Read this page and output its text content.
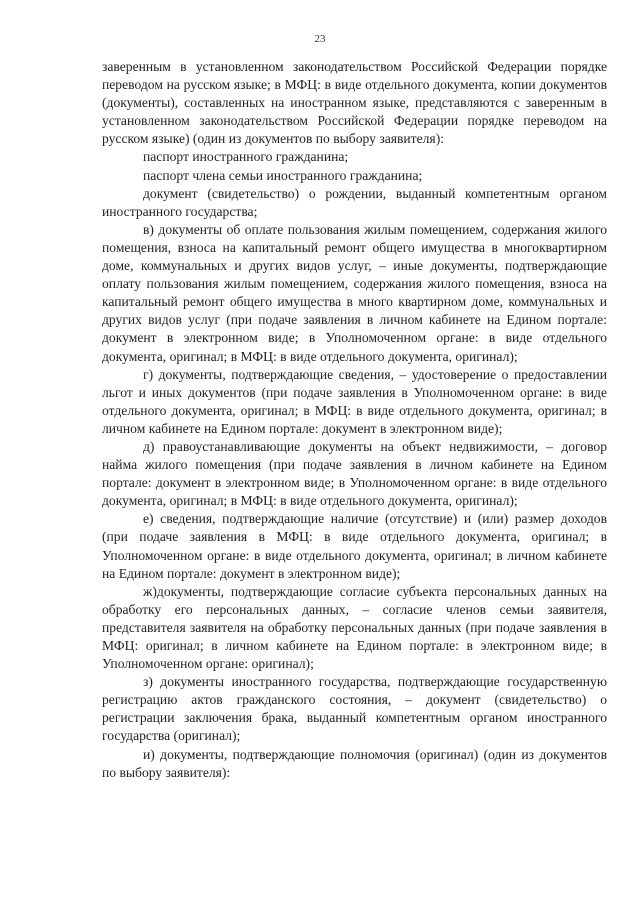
23

заверенным в установленном законодательством Российской Федерации порядке переводом на русском языке; в МФЦ: в виде отдельного документа, копии документов (документы), составленных на иностранном языке, представляются с заверенным в установленном законодательством Российской Федерации порядке переводом на русском языке) (один из документов по выбору заявителя):

паспорт иностранного гражданина;

паспорт члена семьи иностранного гражданина;

документ (свидетельство) о рождении, выданный компетентным органом иностранного государства;

в) документы об оплате пользования жилым помещением, содержания жилого помещения, взноса на капитальный ремонт общего имущества в многоквартирном доме, коммунальных и других видов услуг, – иные документы, подтверждающие оплату пользования жилым помещением, содержания жилого помещения, взноса на капитальный ремонт общего имущества в много квартирном доме, коммунальных и других видов услуг (при подаче заявления в личном кабинете на Едином портале: документ в электронном виде; в Уполномоченном органе: в виде отдельного документа, оригинал; в МФЦ: в виде отдельного документа, оригинал);

г) документы, подтверждающие сведения, – удостоверение о предоставлении льгот и иных документов (при подаче заявления в Уполномоченном органе: в виде отдельного документа, оригинал; в МФЦ: в виде отдельного документа, оригинал; в личном кабинете на Едином портале: документ в электронном виде);

д) правоустанавливающие документы на объект недвижимости, – договор найма жилого помещения (при подаче заявления в личном кабинете на Едином портале: документ в электронном виде; в Уполномоченном органе: в виде отдельного документа, оригинал; в МФЦ: в виде отдельного документа, оригинал);

е) сведения, подтверждающие наличие (отсутствие) и (или) размер доходов (при подаче заявления в МФЦ: в виде отдельного документа, оригинал; в Уполномоченном органе: в виде отдельного документа, оригинал; в личном кабинете на Едином портале: документ в электронном виде);

ж)документы, подтверждающие согласие субъекта персональных данных на обработку его персональных данных, – согласие членов семьи заявителя, представителя заявителя на обработку персональных данных (при подаче заявления в МФЦ: оригинал; в личном кабинете на Едином портале: в электронном виде; в Уполномоченном органе: оригинал);

з) документы иностранного государства, подтверждающие государственную регистрацию актов гражданского состояния, – документ (свидетельство) о регистрации заключения брака, выданный компетентным органом иностранного государства (оригинал);

и) документы, подтверждающие полномочия (оригинал) (один из документов по выбору заявителя):
